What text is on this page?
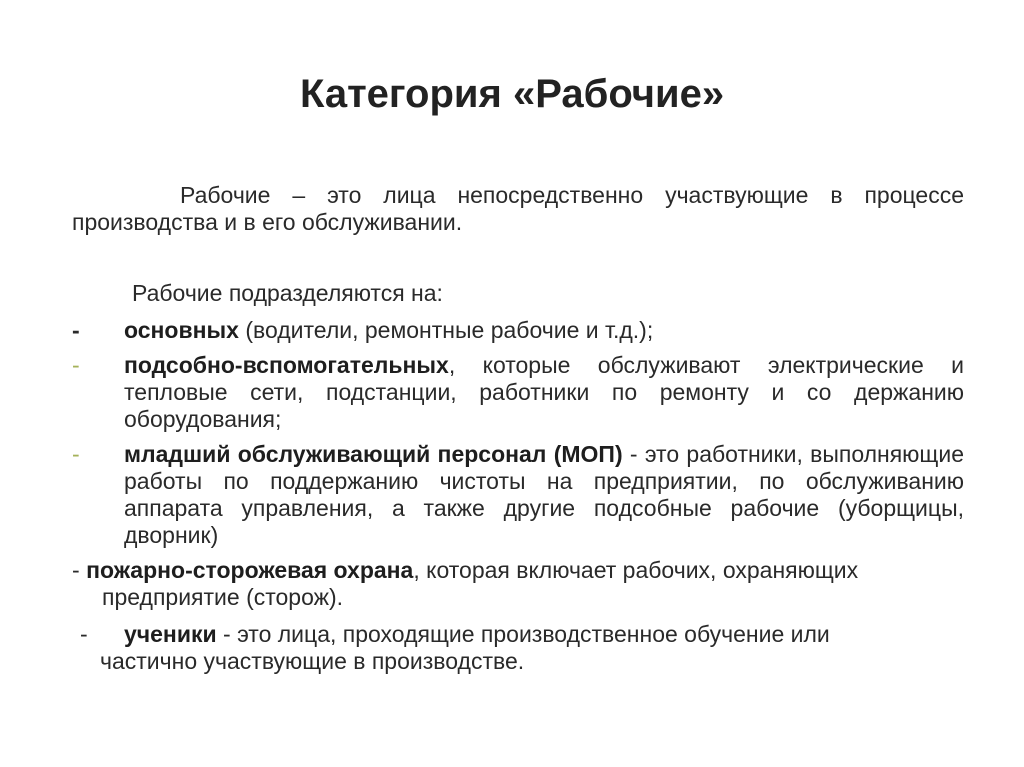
Категория «Рабочие»
Рабочие – это лица непосредственно участвующие в процессе производства и в его обслуживании.
Рабочие подразделяются на:
- основных (водители, ремонтные рабочие и т.д.);
- подсобно-вспомогательных, которые обслуживают электрические и тепловые сети, подстанции, работники по ремонту и со держанию оборудования;
- младший обслуживающий персонал (МОП) - это работники, выполняющие работы по поддержанию чистоты на предприятии, по обслуживанию аппарата управления, а также другие подсобные рабочие (уборщицы, дворник)
- пожарно-сторожевая охрана, которая включает рабочих, охраняющих
предприятие (сторож).
- ученики - это лица, проходящие производственное обучение или
частично участвующие в производстве.
